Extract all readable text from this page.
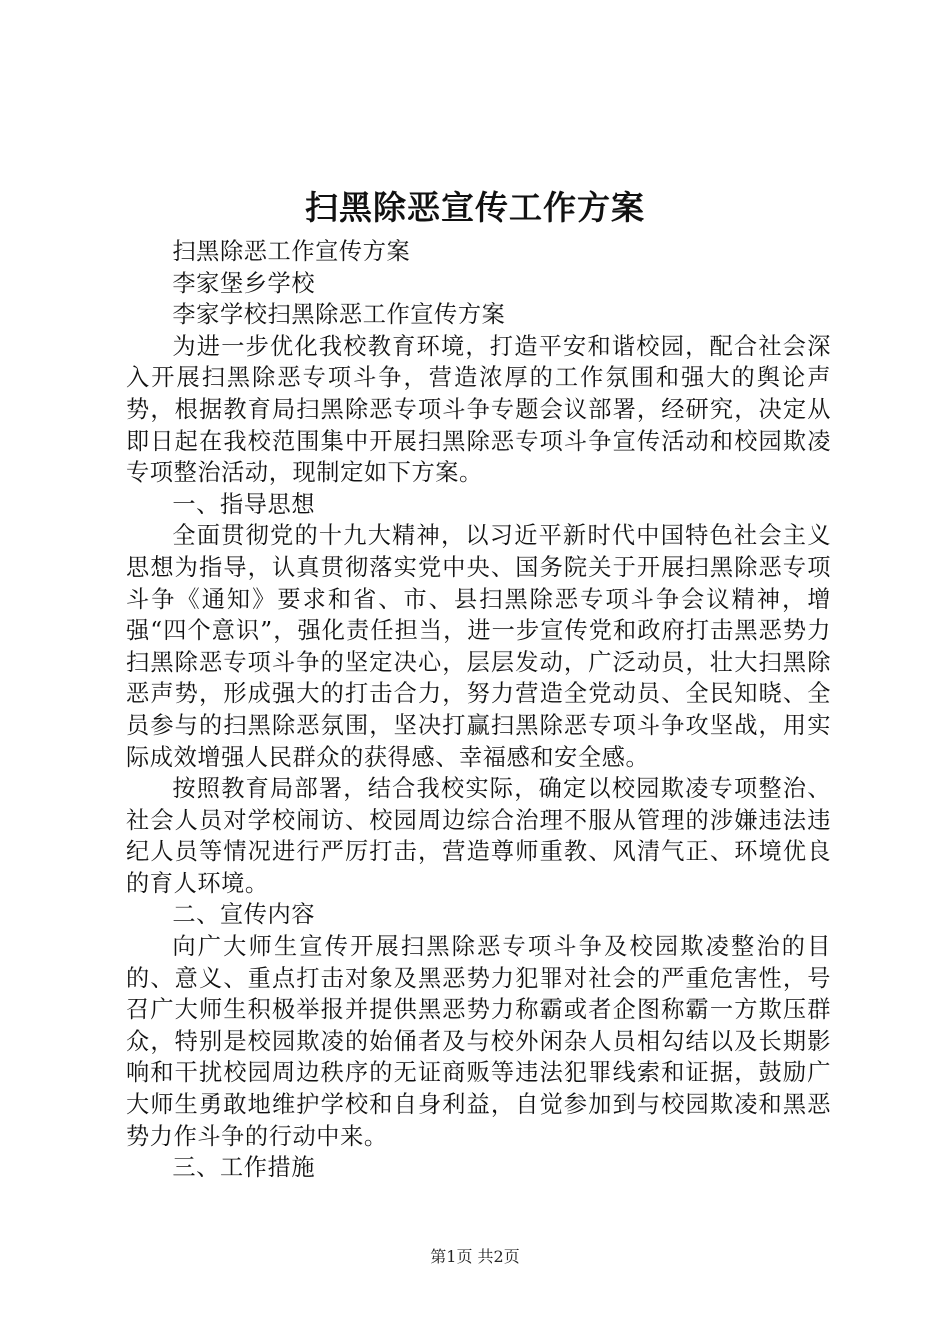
扫黑除恶宣传工作方案

扫黑除恶工作宣传方案

李家堡乡学校

李家学校扫黑除恶工作宣传方案

为进一步优化我校教育环境，打造平安和谐校园，配合社会深入开展扫黑除恶专项斗争，营造浓厚的工作氛围和强大的舆论声势，根据教育局扫黑除恶专项斗争专题会议部署，经研究，决定从即日起在我校范围集中开展扫黑除恶专项斗争宣传活动和校园欺凌专项整治活动，现制定如下方案。

一、指导思想

全面贯彻党的十九大精神，以习近平新时代中国特色社会主义思想为指导，认真贯彻落实党中央、国务院关于开展扫黑除恶专项斗争《通知》要求和省、市、县扫黑除恶专项斗争会议精神，增强“四个意识”，强化责任担当，进一步宣传党和政府打击黑恶势力扫黑除恶专项斗争的坚定决心，层层发动，广泛动员，壮大扫黑除恶声势，形成强大的打击合力，努力营造全党动员、全民知晓、全员参与的扫黑除恶氛围，坚决打赢扫黑除恶专项斗争攻坚战，用实际成效增强人民群众的获得感、幸福感和安全感。

按照教育局部署，结合我校实际，确定以校园欺凌专项整治、社会人员对学校闹访、校园周边综合治理不服从管理的涉嫌违法违纪人员等情况进行严厉打击，营造尊师重教、风清气正、环境优良的育人环境。

二、宣传内容

向广大师生宣传开展扫黑除恶专项斗争及校园欺凌整治的目的、意义、重点打击对象及黑恶势力犯罪对社会的严重危害性，号召广大师生积极举报并提供黑恶势力称霸或者企图称霸一方欺压群众，特别是校园欺凌的始俑者及与校外闲杂人员相勾结以及长期影响和干扰校园周边秩序的无证商贩等违法犯罪线索和证据，鼓励广大师生勇敢地维护学校和自身利益，自觉参加到与校园欺凌和黑恶势力作斗争的行动中来。

三、工作措施

第1页 共2页
